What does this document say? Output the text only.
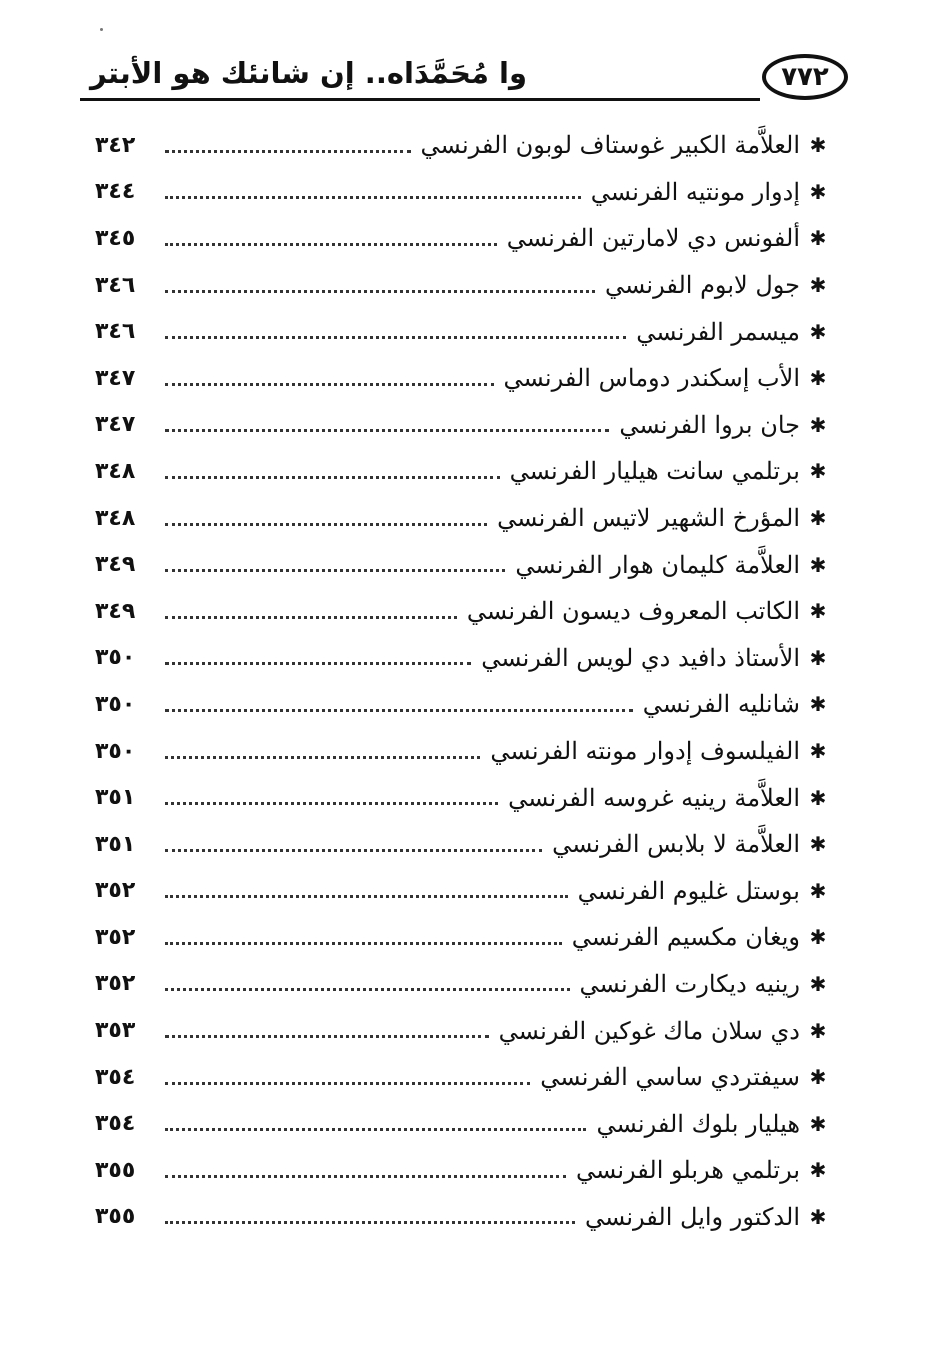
وا مُحَمَّدَاه.. إن شانئك هو الأبتر	٧٧٢
✱
العلاَّمة الكبير غوستاف لوبون الفرنسي
٣٤٢
✱
إدوار مونتيه الفرنسي
٣٤٤
✱
ألفونس دي لامارتين الفرنسي
٣٤٥
✱
جول لابوم الفرنسي
٣٤٦
✱
ميسمر الفرنسي
٣٤٦
✱
الأب إسكندر دوماس الفرنسي
٣٤٧
✱
جان بروا الفرنسي
٣٤٧
✱
برتلمي سانت هيليار الفرنسي
٣٤٨
✱
المؤرخ الشهير لاتيس الفرنسي
٣٤٨
✱
العلاَّمة كليمان هوار الفرنسي
٣٤٩
✱
الكاتب المعروف ديسون الفرنسي
٣٤٩
✱
الأستاذ دافيد دي لويس الفرنسي
٣٥٠
✱
شانليه الفرنسي
٣٥٠
✱
الفيلسوف إدوار مونته الفرنسي
٣٥٠
✱
العلاَّمة رينيه غروسه الفرنسي
٣٥١
✱
العلاَّمة لا بلابس الفرنسي
٣٥١
✱
بوستل غليوم الفرنسي
٣٥٢
✱
ويغان مكسيم الفرنسي
٣٥٢
✱
رينيه ديكارت الفرنسي
٣٥٢
✱
دي سلان ماك غوكين الفرنسي
٣٥٣
✱
سيفتردي ساسي الفرنسي
٣٥٤
✱
هيليار بلوك الفرنسي
٣٥٤
✱
برتلمي هربلو الفرنسي
٣٥٥
✱
الدكتور وايل الفرنسي
٣٥٥
